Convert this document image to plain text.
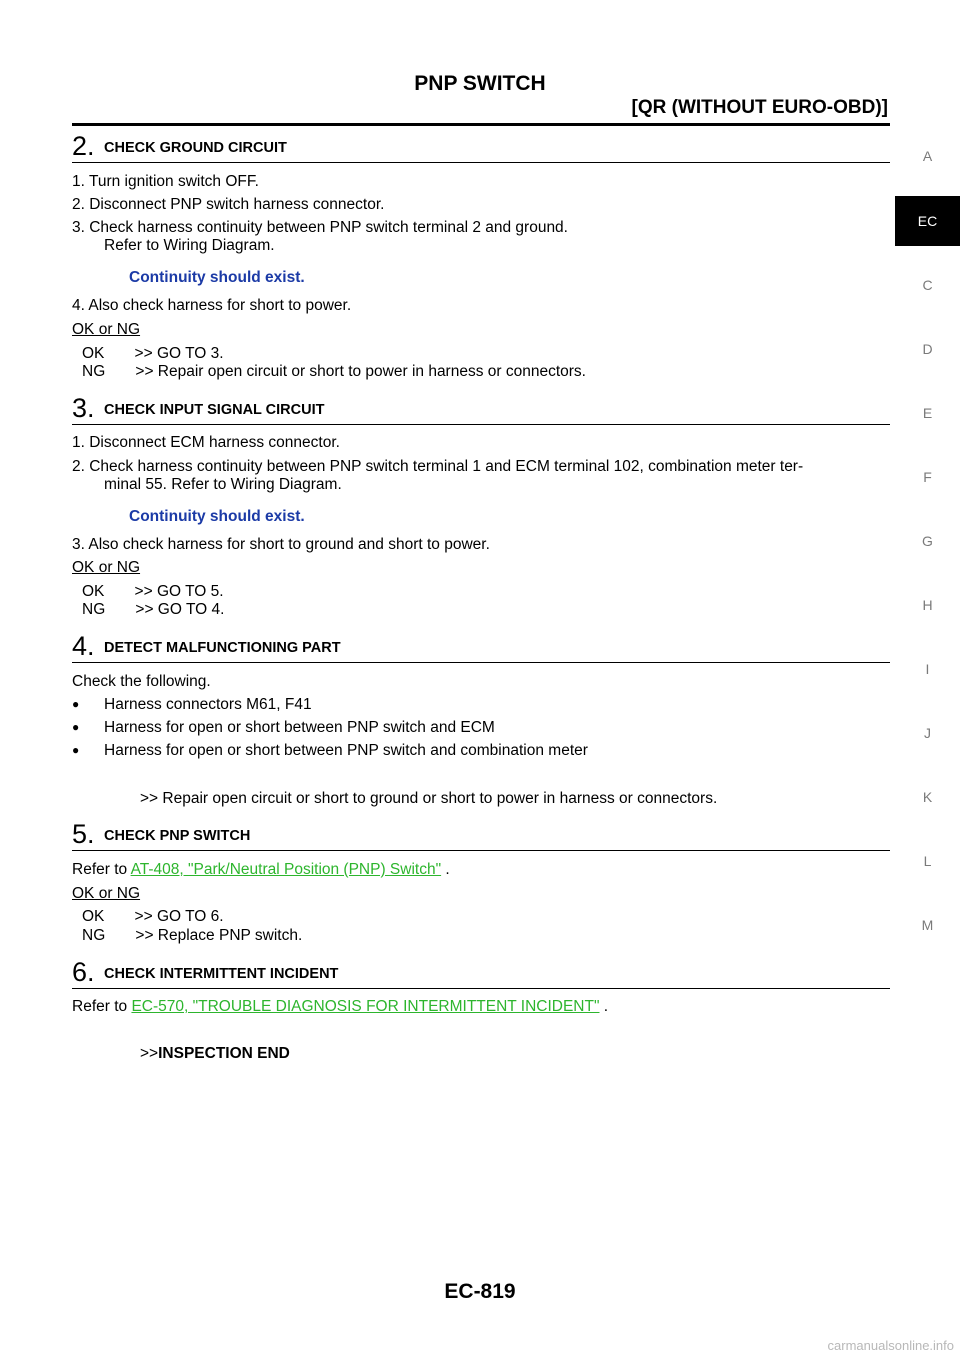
PNP SWITCH
[QR (WITHOUT EURO-OBD)]
A
EC
C
D
E
F
G
H
I
J
K
L
M
2. CHECK GROUND CIRCUIT
1. Turn ignition switch OFF.
2. Disconnect PNP switch harness connector.
3. Check harness continuity between PNP switch terminal 2 and ground.
Refer to Wiring Diagram.
Continuity should exist.
4. Also check harness for short to power.
OK or NG
OK       >> GO TO 3.
NG       >> Repair open circuit or short to power in harness or connectors.
3. CHECK INPUT SIGNAL CIRCUIT
1. Disconnect ECM harness connector.
2. Check harness continuity between PNP switch terminal 1 and ECM terminal 102, combination meter ter-
minal 55. Refer to Wiring Diagram.
Continuity should exist.
3. Also check harness for short to ground and short to power.
OK or NG
OK       >> GO TO 5.
NG       >> GO TO 4.
4. DETECT MALFUNCTIONING PART
Check the following.
● Harness connectors M61, F41
● Harness for open or short between PNP switch and ECM
● Harness for open or short between PNP switch and combination meter
>> Repair open circuit or short to ground or short to power in harness or connectors.
5. CHECK PNP SWITCH
Refer to AT-408, "Park/Neutral Position (PNP) Switch" .
OK or NG
OK       >> GO TO 6.
NG       >> Replace PNP switch.
6. CHECK INTERMITTENT INCIDENT
Refer to EC-570, "TROUBLE DIAGNOSIS FOR INTERMITTENT INCIDENT" .
>>INSPECTION END
EC-819
carmanualsonline.info
